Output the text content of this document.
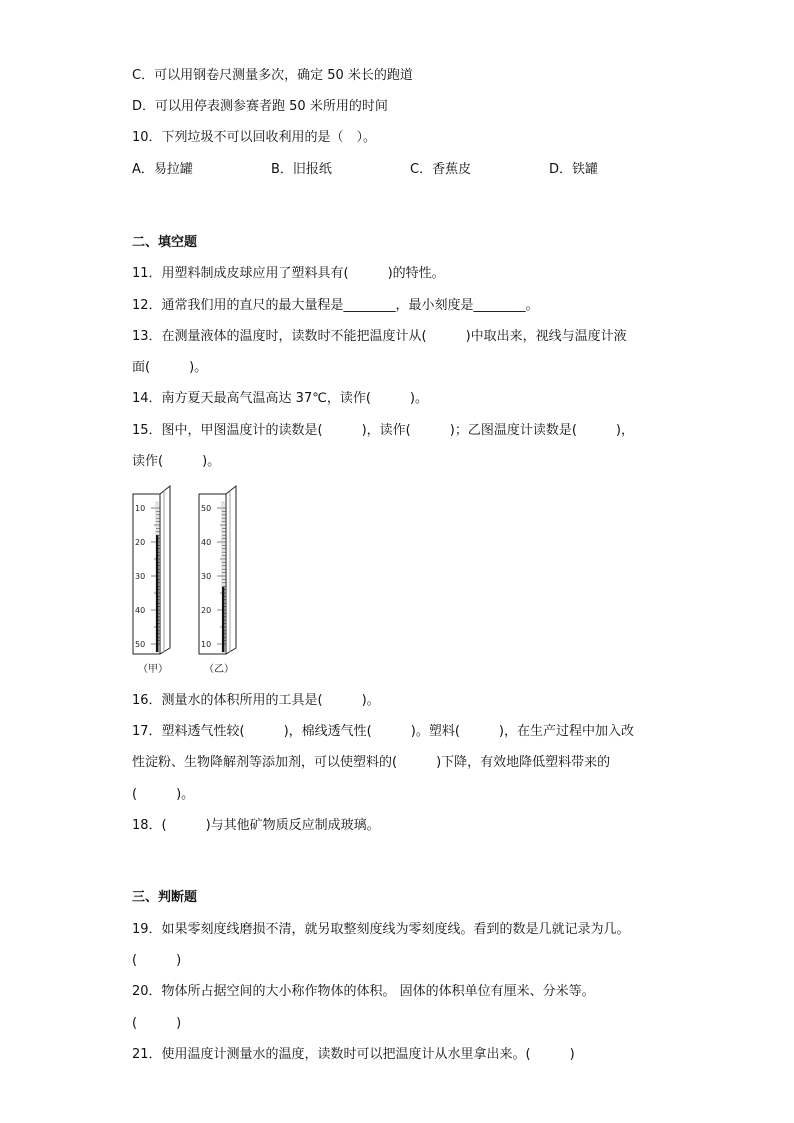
C．可以用钢卷尺测量多次，确定 50 米长的跑道
D．可以用停表测参赛者跑 50 米所用的时间
10．下列垃圾不可以回收利用的是（　）。
A．易拉罐	B．旧报纸	C．香蕉皮	D．铁罐
二、填空题
11．用塑料制成皮球应用了塑料具有(　　　)的特性。
12．通常我们用的直尺的最大量程是________，最小刻度是________。
13．在测量液体的温度时，读数时不能把温度计从(　　　)中取出来，视线与温度计液
面(　　　)。
14．南方夏天最高气温高达 37℃，读作(　　　)。
15．图中，甲图温度计的读数是(　　　)，读作(　　　)；乙图温度计读数是(　　　)，
读作(　　　)。
10
20
30
40
50
（甲）
50
40
30
20
10
（乙）
16．测量水的体积所用的工具是(　　　)。
17．塑料透气性较(　　　)，棉线透气性(　　　)。塑料(　　　)，在生产过程中加入改
性淀粉、生物降解剂等添加剂，可以使塑料的(　　　)下降，有效地降低塑料带来的
(　　　)。
18．(　　　)与其他矿物质反应制成玻璃。
三、判断题
19．如果零刻度线磨损不清，就另取整刻度线为零刻度线。看到的数是几就记录为几。
(　　　)
20．物体所占据空间的大小称作物体的体积。 固体的体积单位有厘米、分米等。
(　　　)
21．使用温度计测量水的温度，读数时可以把温度计从水里拿出来。(　　　)
